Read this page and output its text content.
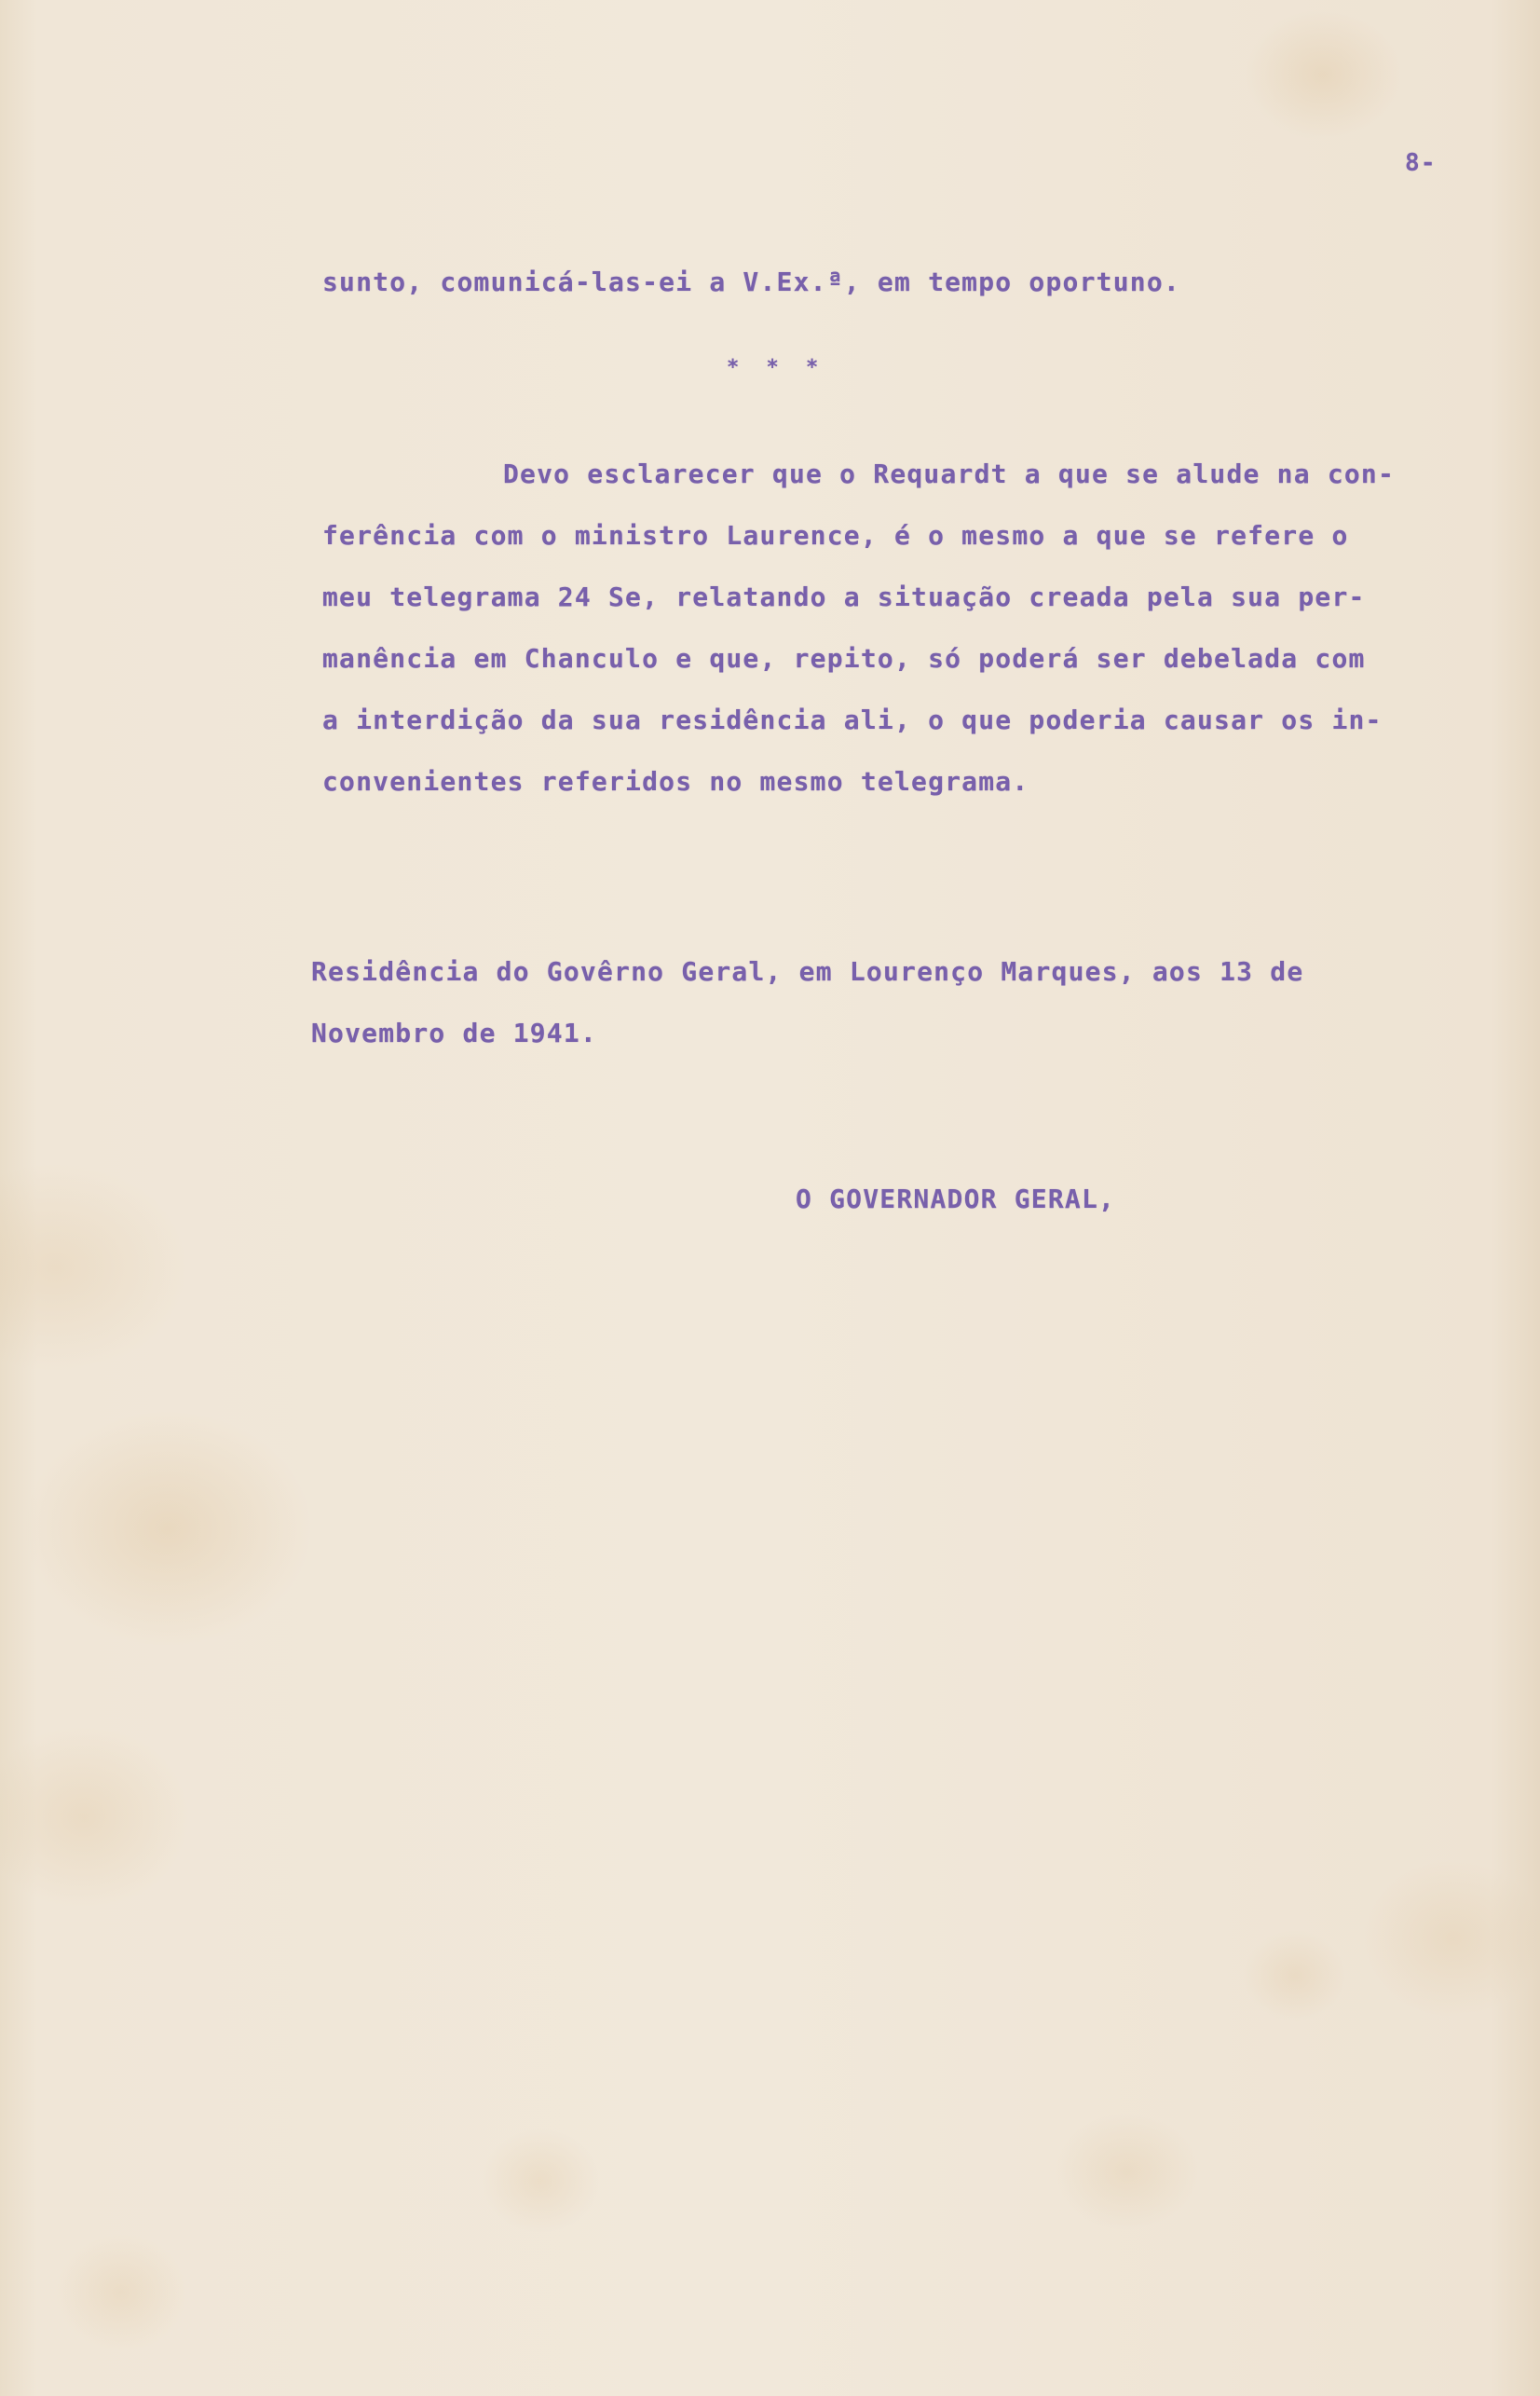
8-
sunto, comunicá-las-ei a V.Ex.ª, em tempo oportuno.
* * *
Devo esclarecer que o Requardt a que se alude na con-
ferência com o ministro Laurence, é o mesmo a que se refere o
meu telegrama 24 Se, relatando a situação creada pela sua per-
manência em Chanculo e que, repito, só poderá ser debelada com
a interdição da sua residência ali, o que poderia causar os in-
convenientes referidos no mesmo telegrama.
Residência do Govêrno Geral, em Lourenço Marques, aos 13 de
Novembro de 1941.
O GOVERNADOR GERAL,
